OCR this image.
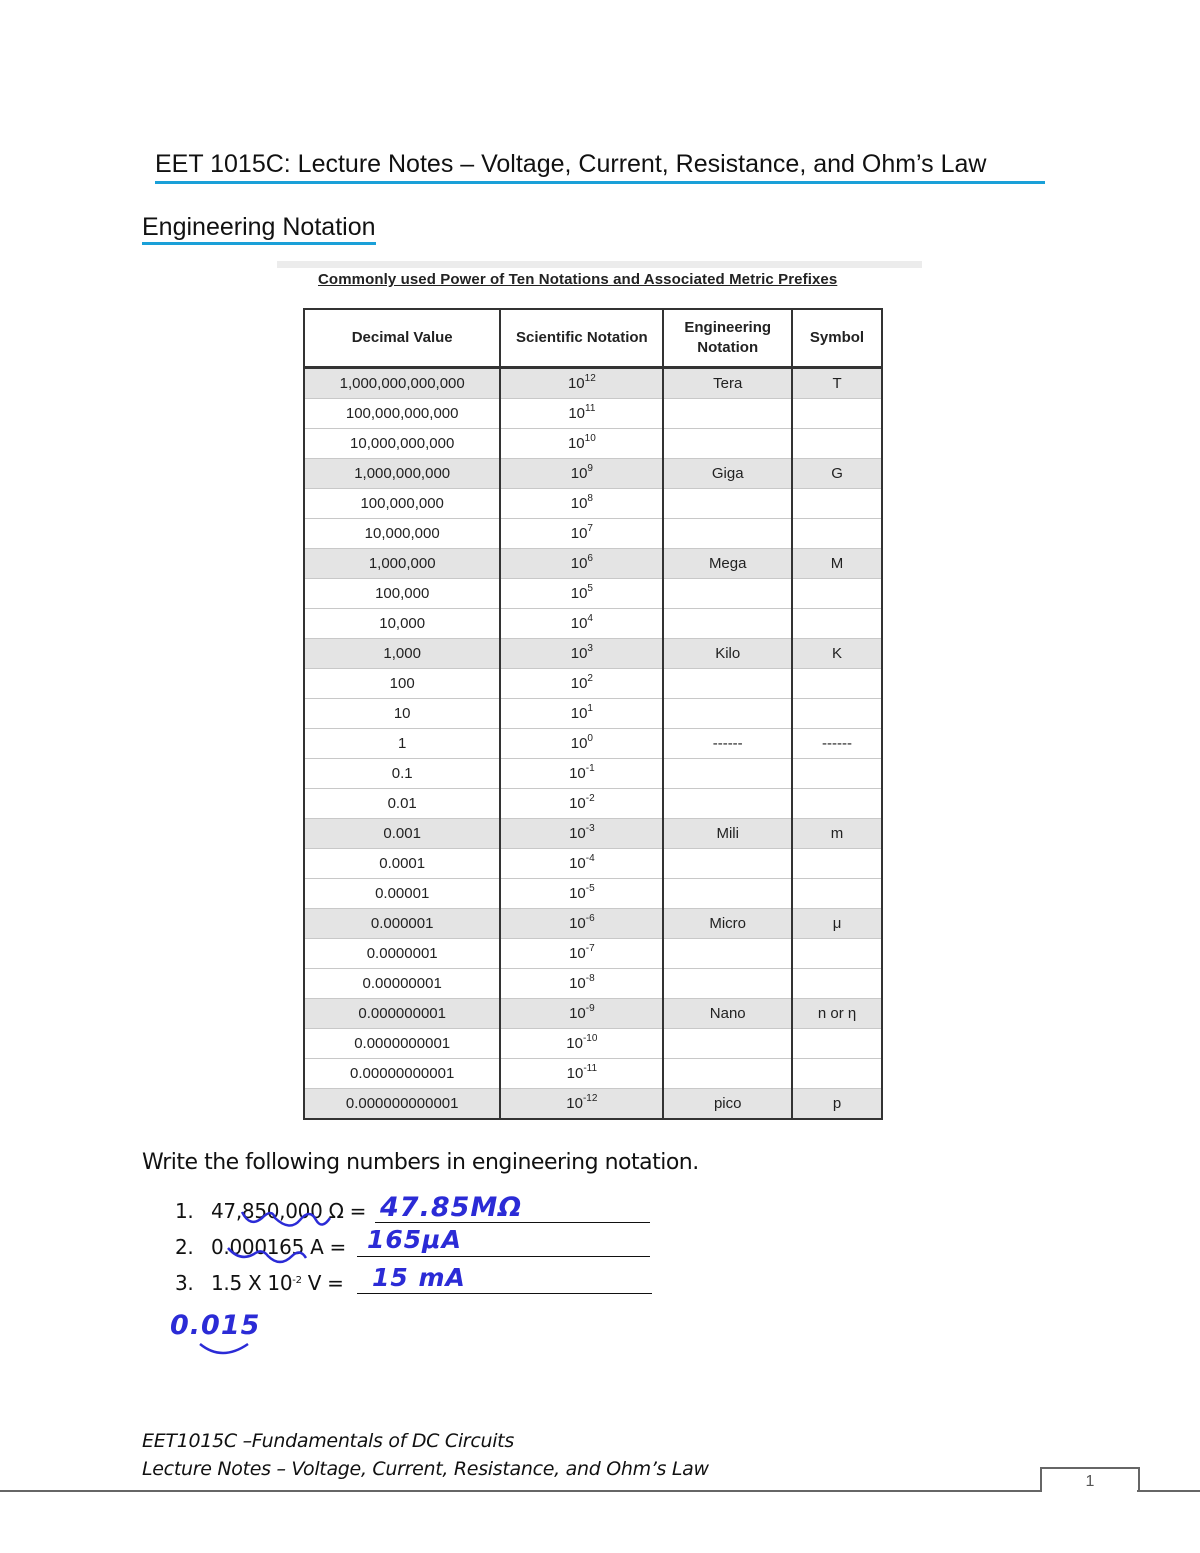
EET 1015C: Lecture Notes – Voltage, Current, Resistance, and Ohm’s Law
Engineering Notation
Commonly used Power of Ten Notations and Associated Metric Prefixes
Decimal Value	Scientific Notation	Engineering Notation	Symbol
1,000,000,000,000	$10^{12}$	Tera	T
100,000,000,000	$10^{11}$		
10,000,000,000	$10^{10}$		
1,000,000,000	$10^9$	Giga	G
100,000,000	$10^8$		
10,000,000	$10^7$		
1,000,000	$10^6$	Mega	M
100,000	$10^5$		
10,000	$10^4$		
1,000	$10^3$	Kilo	K
100	$10^2$		
10	$10^1$		
1	$10^0$	------	------
0.1	$10^{-1}$		
0.01	$10^{-2}$		
0.001	$10^{-3}$	Mili	m
0.0001	$10^{-4}$		
0.00001	$10^{-5}$		
0.000001	$10^{-6}$	Micro	μ
0.0000001	$10^{-7}$		
0.00000001	$10^{-8}$		
0.000000001	$10^{-9}$	Nano	n or η
0.0000000001	$10^{-10}$		
0.00000000001	$10^{-11}$		
0.000000000001	$10^{-12}$	pico	p
Write the following numbers in engineering notation.
1. 47,850,000 Ω =
2. 0.000165 A =
3. 1.5 X $10^{-2}$ V =
47.85MΩ
165μA
15 mA
0.015
EET1015C –Fundamentals of DC Circuits
Lecture Notes – Voltage, Current, Resistance, and Ohm’s Law
1
